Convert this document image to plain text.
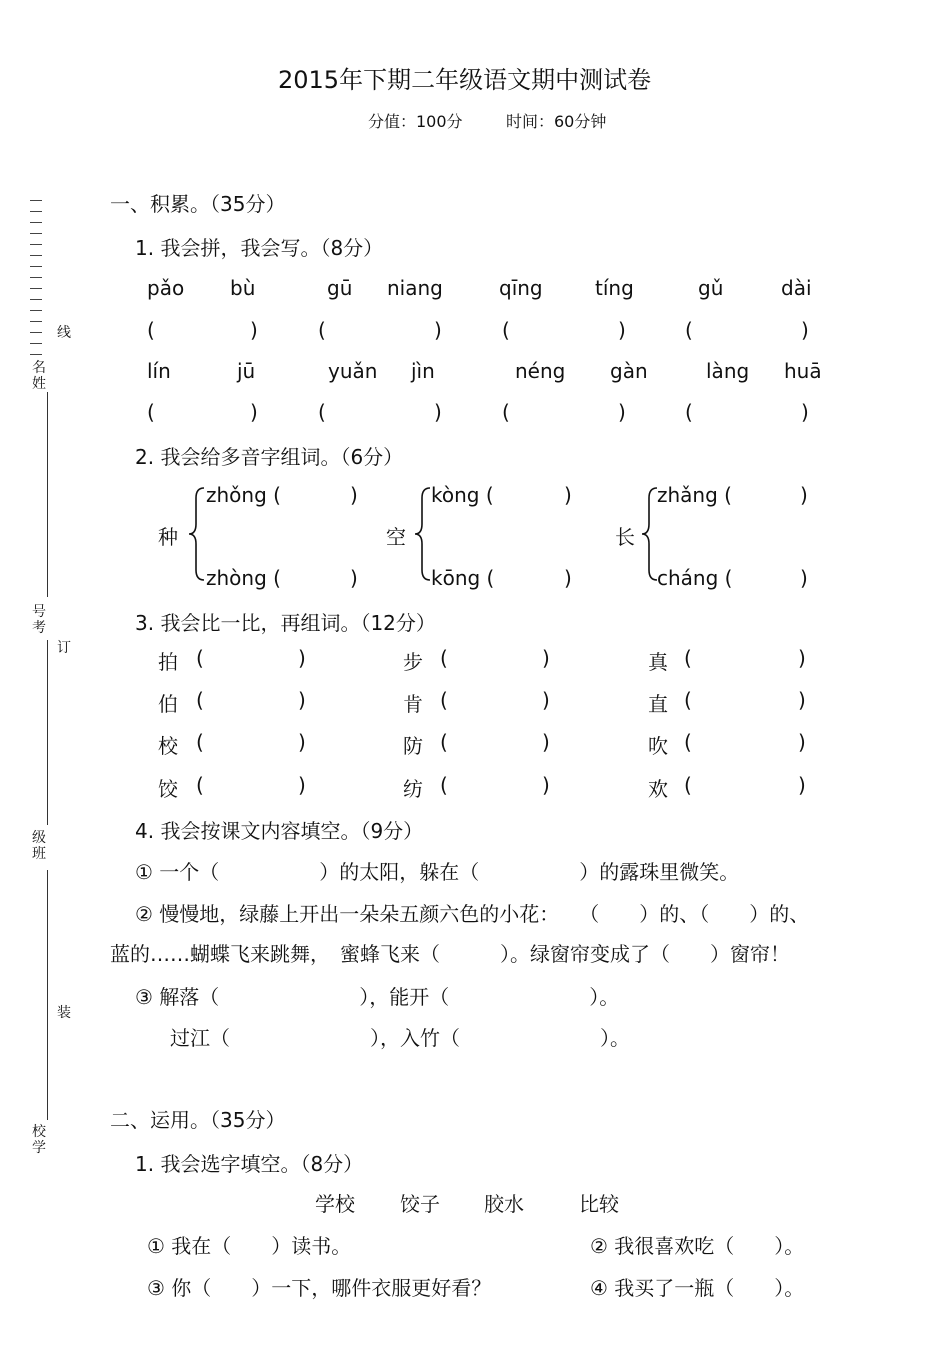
2015年下期二年级语文期中测试卷
分值：100分	时间：60分钟
线
名姓
号考
订
级班
装
校学
一、积累。（35分）
1. 我会拼，我会写。（8分）
pǎo bù	gū niang	qīng	tíng	gǔ	dài
(	)	(	)	(	)	(	)
lín	jū	yuǎn jìn	néng gàn	làng huā
(	)	(	)	(	)	(	)
2. 我会给多音字组词。（6分）
种
zhǒng (	)
zhòng (	)
空
kòng (	)
kōng (	)
长
zhǎng (	)
cháng (	)
3. 我会比一比，再组词。（12分）
拍 (	)	步 (	)	真 (	)
伯 (	)	肯 (	)	直 (	)
校 (	)	防 (	)	吹 (	)
饺 (	)	纺 (	)	欢 (	)
4. 我会按课文内容填空。（9分）
① 一个（　　　　　）的太阳，躲在（　　　　　）的露珠里微笑。
② 慢慢地，绿藤上开出一朵朵五颜六色的小花：　　（　　）的、（　　）的、
蓝的……蝴蝶飞来跳舞，　蜜蜂飞来（　　　）。绿窗帘变成了（　　）窗帘！
③ 解落（　　　　　　　），能开（　　　　　　　）。
过江（　　　　　　　），入竹（　　　　　　　）。
二、运用。（35分）
1. 我会选字填空。（8分）
学校 饺子 胶水	比较
① 我在（　　）读书。	② 我很喜欢吃（　　）。
③ 你（　　）一下，哪件衣服更好看？	④ 我买了一瓶（　　）。
